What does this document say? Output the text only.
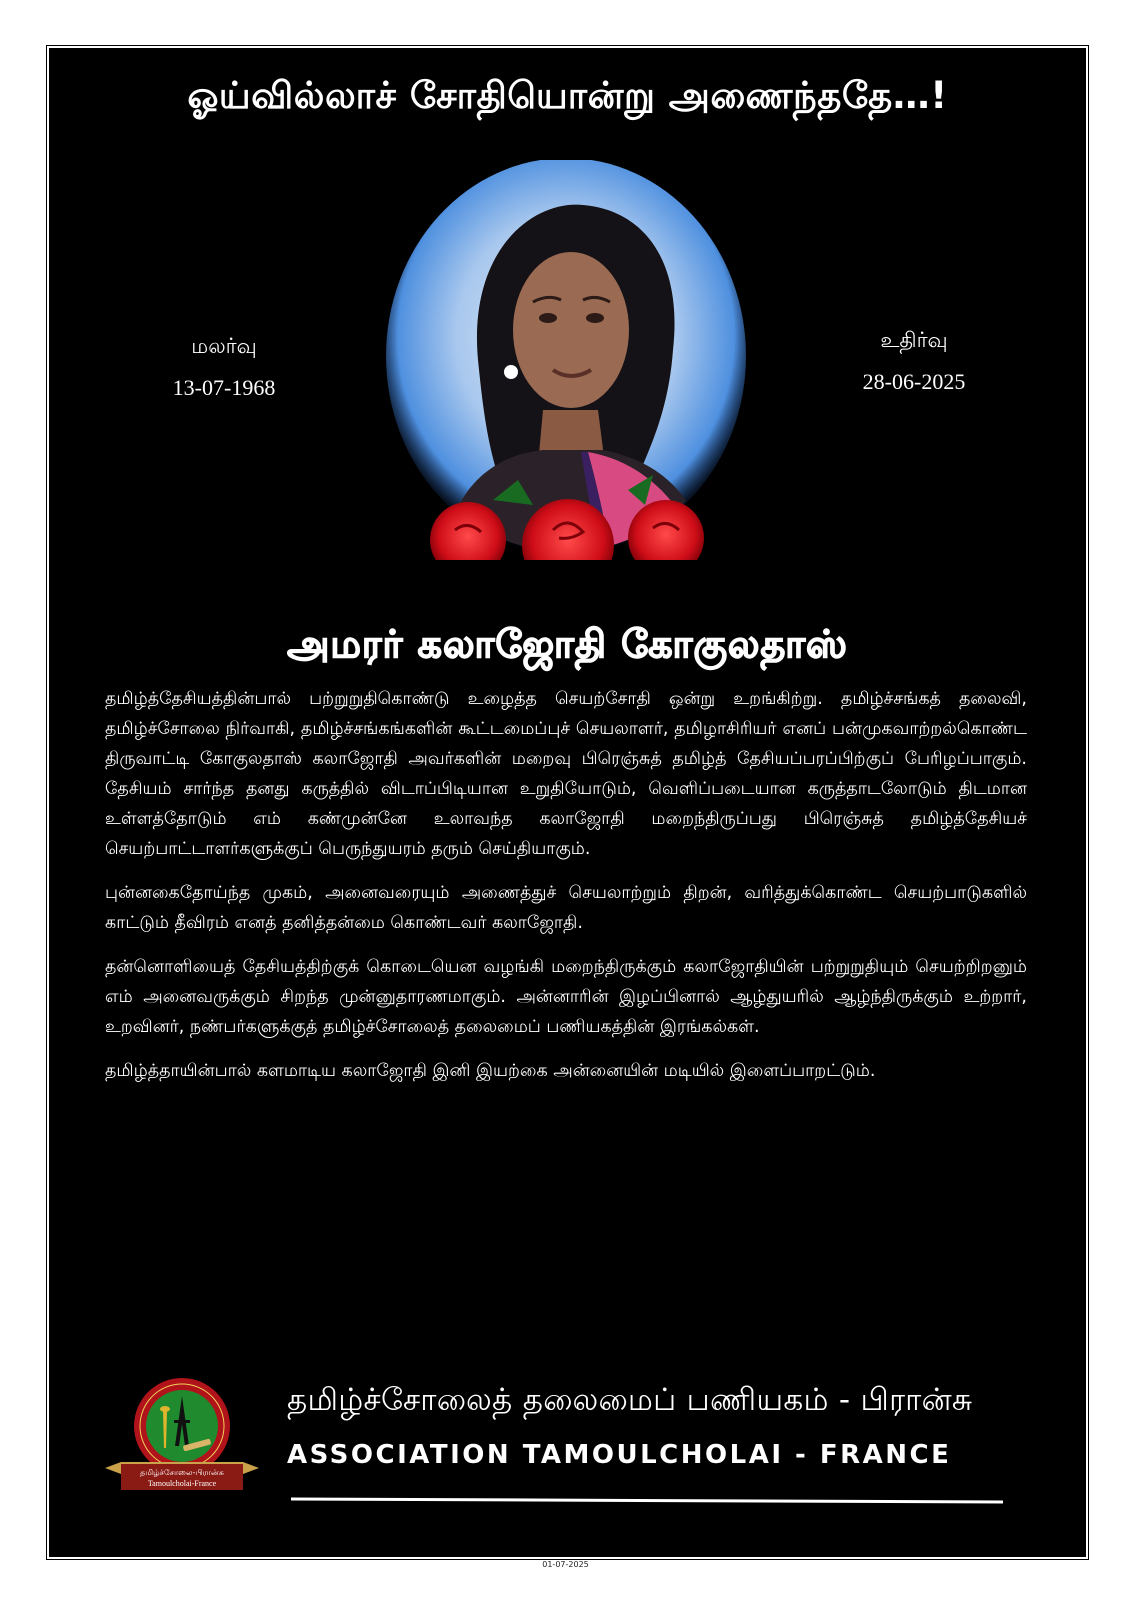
ஓய்வில்லாச் சோதியொன்று அணைந்ததே…!
மலர்வு
13-07-1968
உதிர்வு
28-06-2025
அமரர் கலாஜோதி கோகுலதாஸ்

தமிழ்த்தேசியத்தின்பால் பற்றுறுதிகொண்டு உழைத்த செயற்சோதி ஒன்று உறங்கிற்று. தமிழ்ச்சங்கத் தலைவி, தமிழ்ச்சோலை நிர்வாகி, தமிழ்ச்சங்கங்களின் கூட்டமைப்புச் செயலாளர், தமிழாசிரியர் எனப் பன்முகவாற்றல்கொண்ட திருவாட்டி கோகுலதாஸ் கலாஜோதி அவர்களின் மறைவு பிரெஞ்சுத் தமிழ்த் தேசியப்பரப்பிற்குப் பேரிழப்பாகும். தேசியம் சார்ந்த தனது கருத்தில் விடாப்பிடியான உறுதியோடும், வெளிப்படையான கருத்தாடலோடும் திடமான உள்ளத்தோடும் எம் கண்முன்னே உலாவந்த கலாஜோதி மறைந்திருப்பது பிரெஞ்சுத் தமிழ்த்தேசியச் செயற்பாட்டாளர்களுக்குப் பெருந்துயரம் தரும் செய்தியாகும்.

புன்னகைதோய்ந்த முகம், அனைவரையும் அணைத்துச் செயலாற்றும் திறன், வரித்துக்கொண்ட செயற்பாடுகளில் காட்டும் தீவிரம் எனத் தனித்தன்மை கொண்டவர் கலாஜோதி.

தன்னொளியைத் தேசியத்திற்குக் கொடையென வழங்கி மறைந்திருக்கும் கலாஜோதியின் பற்றுறுதியும் செயற்றிறனும் எம் அனைவருக்கும் சிறந்த முன்னுதாரணமாகும். அன்னாரின் இழப்பினால் ஆழ்துயரில் ஆழ்ந்திருக்கும் உற்றார், உறவினர், நண்பர்களுக்குத் தமிழ்ச்சோலைத் தலைமைப் பணியகத்தின் இரங்கல்கள்.

தமிழ்த்தாயின்பால் களமாடிய கலாஜோதி இனி இயற்கை அன்னையின் மடியில் இளைப்பாறட்டும்.

தமிழ்ச்சோலை-பிரான்சு
Tamoulcholai-France
தமிழ்ச்சோலைத் தலைமைப் பணியகம் - பிரான்சு
ASSOCIATION TAMOULCHOLAI - FRANCE
01-07-2025
